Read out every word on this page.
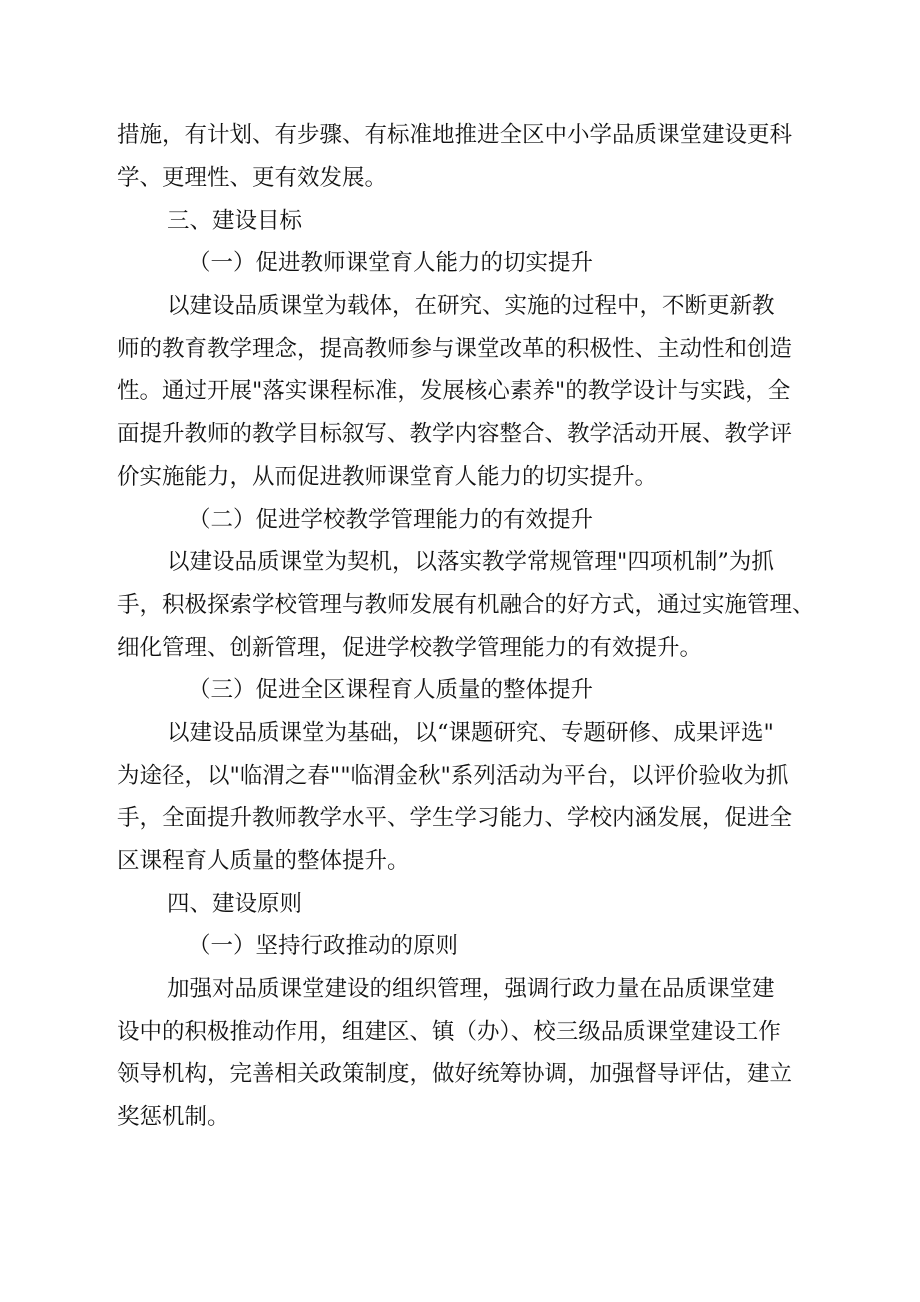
措施，有计划、有步骤、有标准地推进全区中小学品质课堂建设更科
学、更理性、更有效发展。
三、建设目标
（一）促进教师课堂育人能力的切实提升
以建设品质课堂为载体，在研究、实施的过程中，不断更新教
师的教育教学理念，提高教师参与课堂改革的积极性、主动性和创造
性。通过开展"落实课程标准，发展核心素养"的教学设计与实践，全
面提升教师的教学目标叙写、教学内容整合、教学活动开展、教学评
价实施能力，从而促进教师课堂育人能力的切实提升。
（二）促进学校教学管理能力的有效提升
以建设品质课堂为契机，以落实教学常规管理"四项机制”为抓
手，积极探索学校管理与教师发展有机融合的好方式，通过实施管理、
细化管理、创新管理，促进学校教学管理能力的有效提升。
（三）促进全区课程育人质量的整体提升
以建设品质课堂为基础，以“课题研究、专题研修、成果评选"
为途径，以"临渭之春""临渭金秋"系列活动为平台，以评价验收为抓
手，全面提升教师教学水平、学生学习能力、学校内涵发展，促进全
区课程育人质量的整体提升。
四、建设原则
（一）坚持行政推动的原则
加强对品质课堂建设的组织管理，强调行政力量在品质课堂建
设中的积极推动作用，组建区、镇（办）、校三级品质课堂建设工作
领导机构，完善相关政策制度，做好统筹协调，加强督导评估，建立
奖惩机制。
